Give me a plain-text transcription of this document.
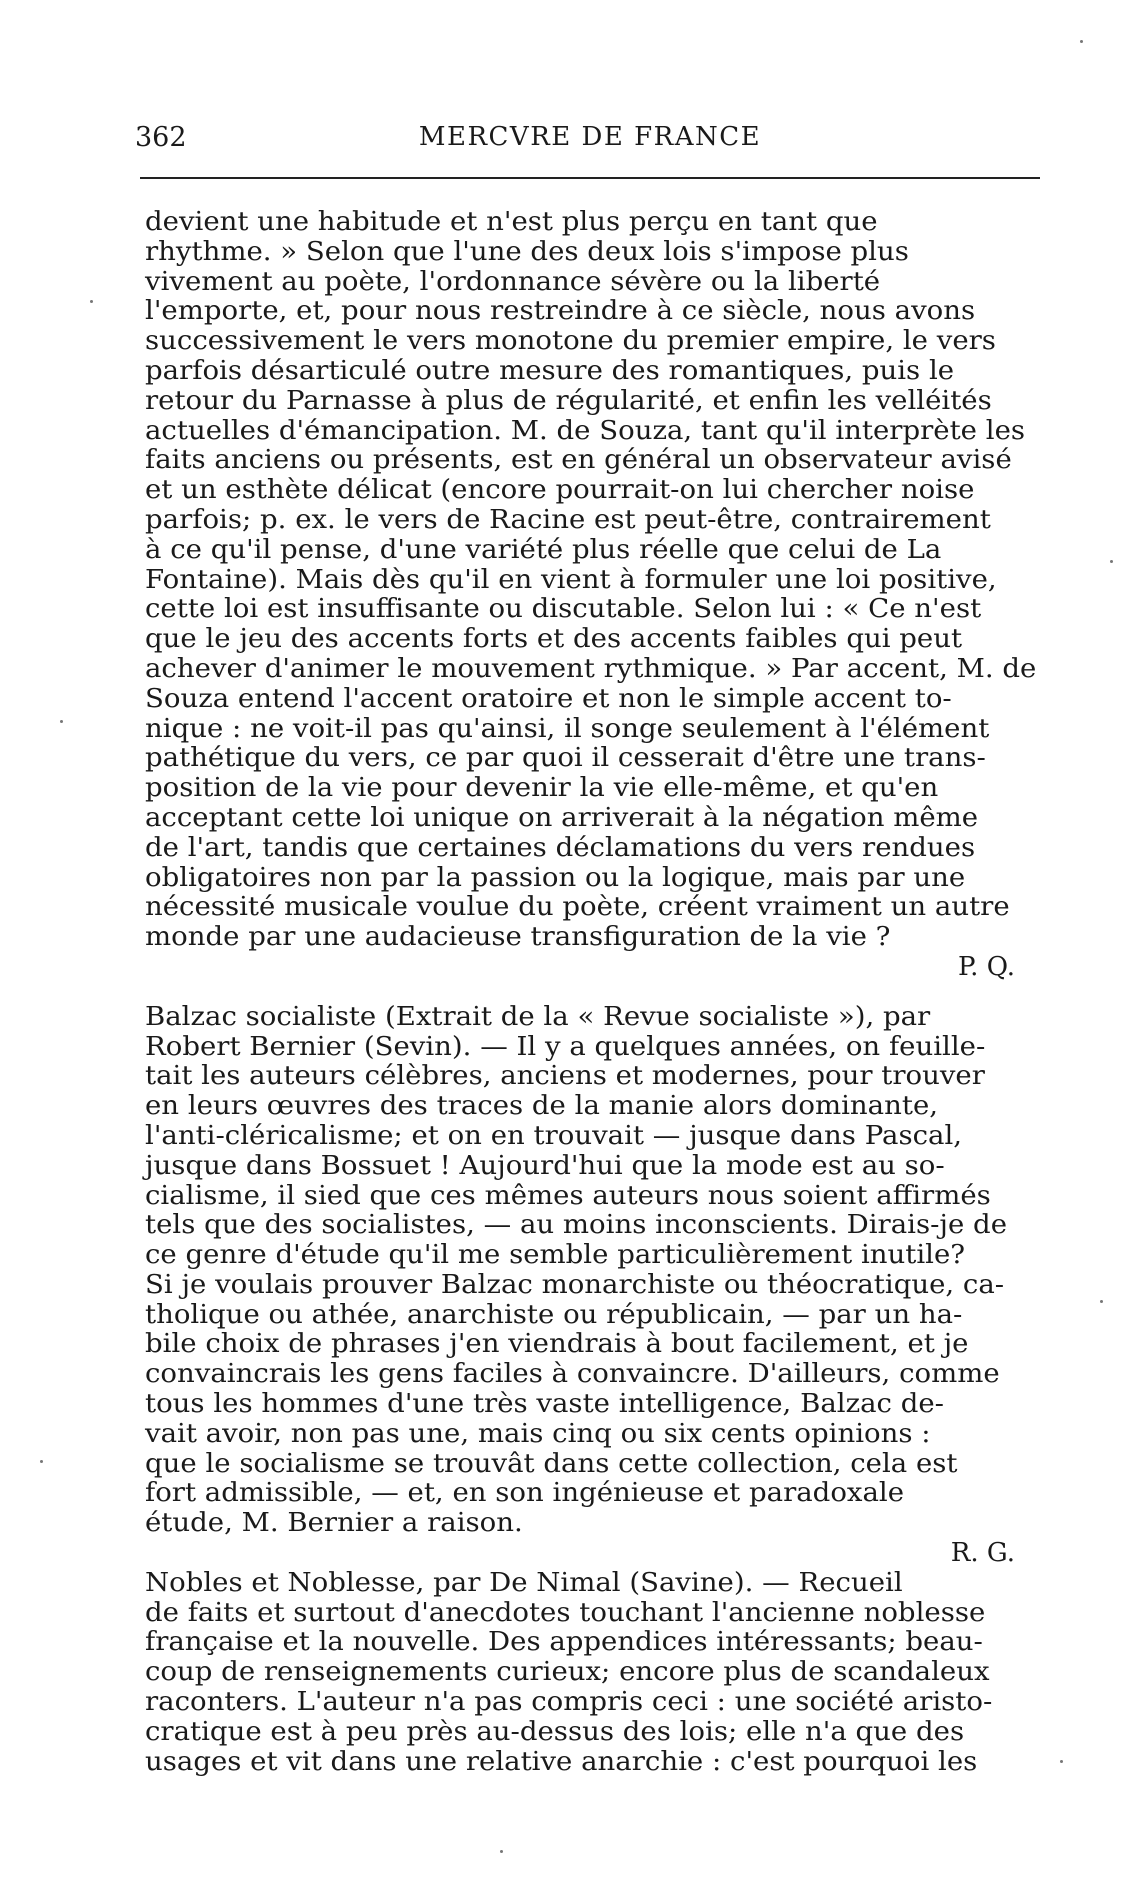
362	MERCVRE DE FRANCE
devient une habitude et n'est plus perçu en tant que
rhythme. » Selon que l'une des deux lois s'impose plus
vivement au poète, l'ordonnance sévère ou la liberté
l'emporte, et, pour nous restreindre à ce siècle, nous avons
successivement le vers monotone du premier empire, le vers
parfois désarticulé outre mesure des romantiques, puis le
retour du Parnasse à plus de régularité, et enfin les velléités
actuelles d'émancipation. M. de Souza, tant qu'il interprète les
faits anciens ou présents, est en général un observateur avisé
et un esthète délicat (encore pourrait-on lui chercher noise
parfois; p. ex. le vers de Racine est peut-être, contrairement
à ce qu'il pense, d'une variété plus réelle que celui de La
Fontaine). Mais dès qu'il en vient à formuler une loi positive,
cette loi est insuffisante ou discutable. Selon lui : « Ce n'est
que le jeu des accents forts et des accents faibles qui peut
achever d'animer le mouvement rythmique. » Par accent, M. de
Souza entend l'accent oratoire et non le simple accent to-
nique : ne voit-il pas qu'ainsi, il songe seulement à l'élément
pathétique du vers, ce par quoi il cesserait d'être une trans-
position de la vie pour devenir la vie elle-même, et qu'en
acceptant cette loi unique on arriverait à la négation même
de l'art, tandis que certaines déclamations du vers rendues
obligatoires non par la passion ou la logique, mais par une
nécessité musicale voulue du poète, créent vraiment un autre
monde par une audacieuse transfiguration de la vie ?
P. Q.
Balzac socialiste (Extrait de la « Revue socialiste »), par
Robert Bernier (Sevin). — Il y a quelques années, on feuille-
tait les auteurs célèbres, anciens et modernes, pour trouver
en leurs œuvres des traces de la manie alors dominante,
l'anti-cléricalisme; et on en trouvait — jusque dans Pascal,
jusque dans Bossuet ! Aujourd'hui que la mode est au so-
cialisme, il sied que ces mêmes auteurs nous soient affirmés
tels que des socialistes, — au moins inconscients. Dirais-je de
ce genre d'étude qu'il me semble particulièrement inutile?
Si je voulais prouver Balzac monarchiste ou théocratique, ca-
tholique ou athée, anarchiste ou républicain, — par un ha-
bile choix de phrases j'en viendrais à bout facilement, et je
convaincrais les gens faciles à convaincre. D'ailleurs, comme
tous les hommes d'une très vaste intelligence, Balzac de-
vait avoir, non pas une, mais cinq ou six cents opinions :
que le socialisme se trouvât dans cette collection, cela est
fort admissible, — et, en son ingénieuse et paradoxale
étude, M. Bernier a raison.
R. G.
Nobles et Noblesse, par De Nimal (Savine). — Recueil
de faits et surtout d'anecdotes touchant l'ancienne noblesse
française et la nouvelle. Des appendices intéressants; beau-
coup de renseignements curieux; encore plus de scandaleux
raconters. L'auteur n'a pas compris ceci : une société aristo-
cratique est à peu près au-dessus des lois; elle n'a que des
usages et vit dans une relative anarchie : c'est pourquoi les
